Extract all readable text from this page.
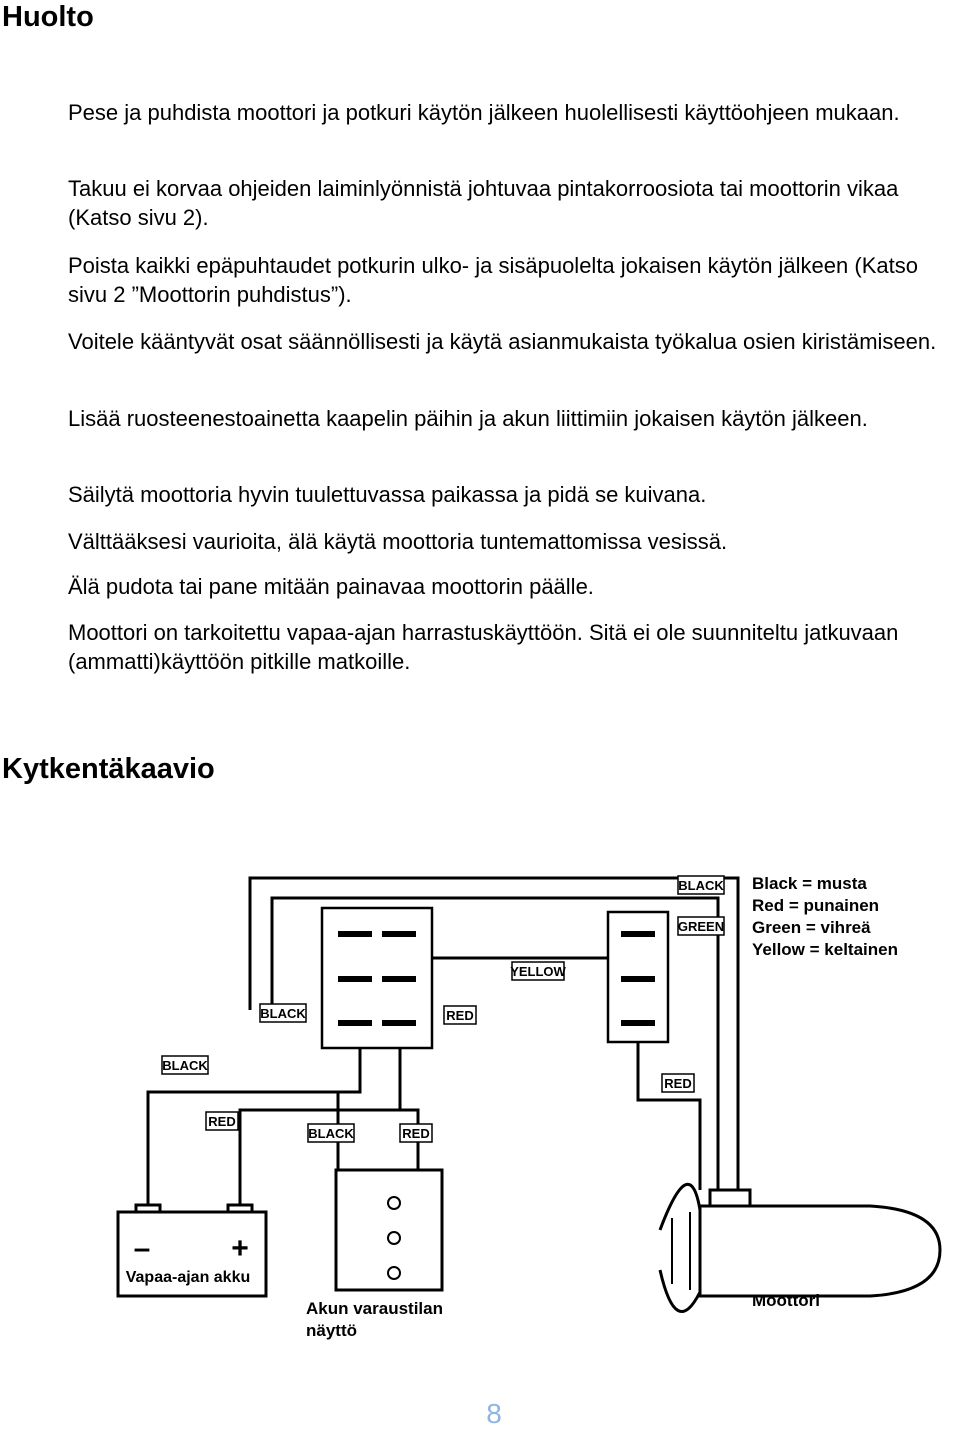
Huolto

Pese ja puhdista moottori ja potkuri käytön jälkeen huolellisesti käyttöohjeen mukaan.

Takuu ei korvaa ohjeiden laiminlyönnistä johtuvaa pintakorroosiota tai moottorin vikaa (Katso sivu 2).

Poista kaikki epäpuhtaudet potkurin ulko- ja sisäpuolelta jokaisen käytön jälkeen (Katso sivu 2 ”Moottorin puhdistus”).

Voitele kääntyvät osat säännöllisesti ja käytä asianmukaista työkalua osien kiristämiseen.

Lisää ruosteenestoainetta kaapelin päihin ja akun liittimiin jokaisen käytön jälkeen.

Säilytä moottoria hyvin tuulettuvassa paikassa ja pidä se kuivana.

Välttääksesi vaurioita, älä käytä moottoria tuntemattomissa vesissä.

Älä pudota tai pane mitään painavaa moottorin päälle.

Moottori on tarkoitettu vapaa-ajan harrastuskäyttöön. Sitä ei ole suunniteltu jatkuvaan (ammatti)käyttöön pitkille matkoille.

Kytkentäkaavio
BLACK
GREEN
YELLOW
BLACK	RED
BLACK
RED
BLACK	RED
RED
Black = musta
Red = punainen
Green = vihreä
Yellow = keltainen
–	+
Vapaa-ajan akku
Akun varaustilan
näyttö
Moottori

8
